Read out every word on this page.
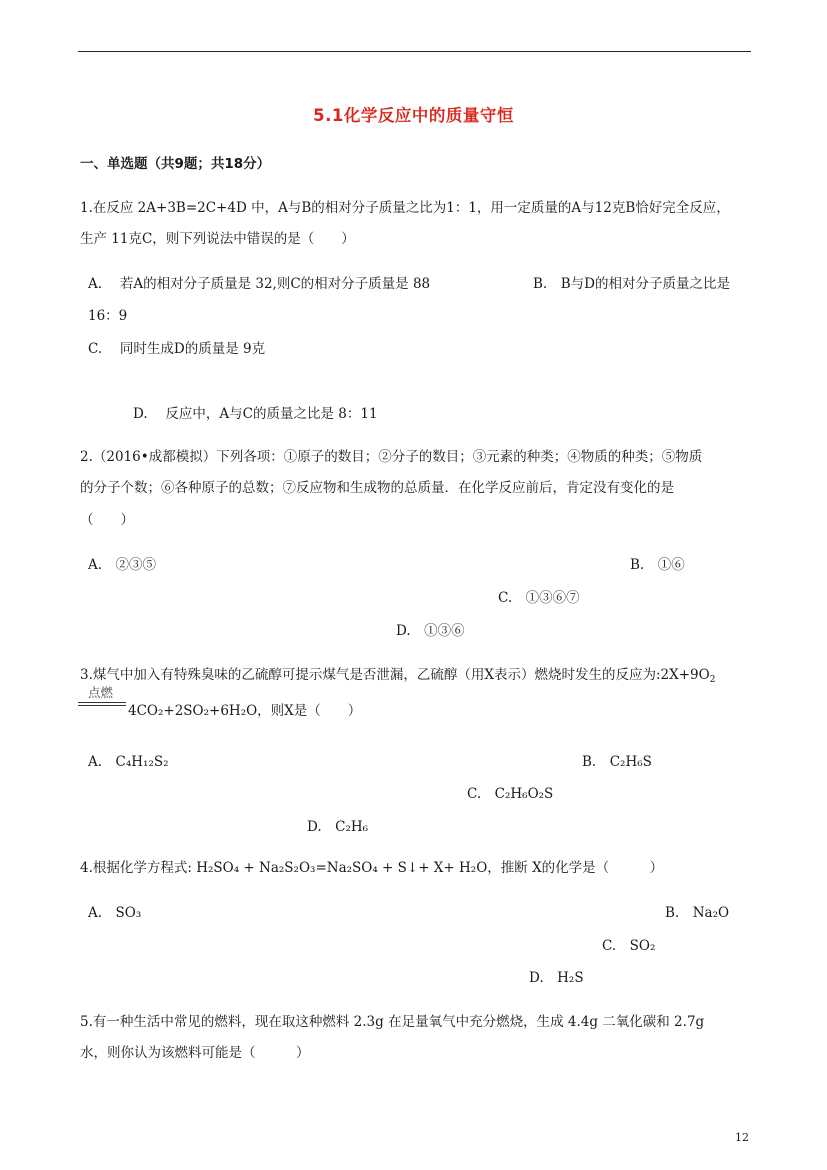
5.1化学反应中的质量守恒
一、单选题（共9题；共18分）
1.在反应 2A+3B=2C+4D 中，A与B的相对分子质量之比为1：1，用一定质量的A与12克B恰好完全反应，
生产 11克C，则下列说法中错误的是（　　）
A.　 若A的相对分子质量是 32,则C的相对分子质量是 88	B.　B与D的相对分子质量之比是
16：9
C.　 同时生成D的质量是 9克
D.　 反应中，A与C的质量之比是 8：11
2.（2016•成都模拟）下列各项：①原子的数目；②分子的数目；③元素的种类；④物质的种类；⑤物质
的分子个数；⑥各种原子的总数；⑦反应物和生成物的总质量．在化学反应前后，肯定没有变化的是
（　　）
A.　②③⑤	B.　①⑥
C.　①③⑥⑦
D.　①③⑥
3.煤气中加入有特殊臭味的乙硫醇可提示煤气是否泄漏，乙硫醇（用X表示）燃烧时发生的反应为$:2X+9O_2$
点燃
4CO₂+2SO₂+6H₂O，则X是（　　）
A.　C₄H₁₂S₂	B.　C₂H₆S
C.　C₂H₆O₂S
D.　C₂H₆
4.根据化学方程式: H₂SO₄ + Na₂S₂O₃=Na₂SO₄ + S↓+ X+ H₂O，推断 X的化学是（　　　）
A.　SO₃	B.　Na₂O
C.　SO₂
D.　H₂S
5.有一种生活中常见的燃料，现在取这种燃料 2.3g 在足量氧气中充分燃烧，生成 4.4g 二氧化碳和 2.7g
水，则你认为该燃料可能是（　　　）
12
